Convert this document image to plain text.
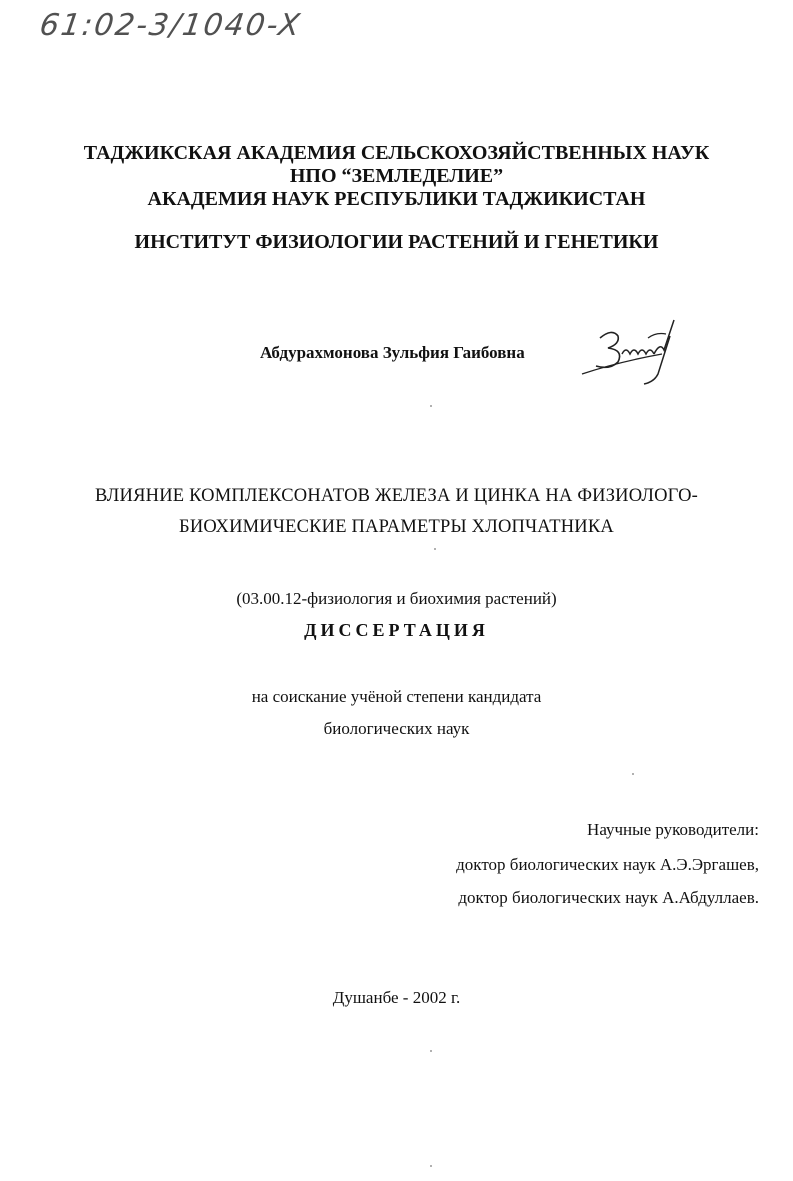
61:02-3/1040-X
ТАДЖИКСКАЯ АКАДЕМИЯ СЕЛЬСКОХОЗЯЙСТВЕННЫХ НАУК
НПО “ЗЕМЛЕДЕЛИЕ”
АКАДЕМИЯ НАУК РЕСПУБЛИКИ ТАДЖИКИСТАН
ИНСТИТУТ ФИЗИОЛОГИИ РАСТЕНИЙ И ГЕНЕТИКИ
Абдурахмонова Зульфия Гаибовна
ВЛИЯНИЕ КОМПЛЕКСОНАТОВ ЖЕЛЕЗА И ЦИНКА НА ФИЗИОЛОГО-
БИОХИМИЧЕСКИЕ ПАРАМЕТРЫ ХЛОПЧАТНИКА
(03.00.12-физиология и биохимия растений)
ДИССЕРТАЦИЯ
на соискание учёной степени кандидата
биологических наук
Научные руководители:
доктор биологических наук А.Э.Эргашев,
доктор биологических наук А.Абдуллаев.
Душанбе - 2002 г.
